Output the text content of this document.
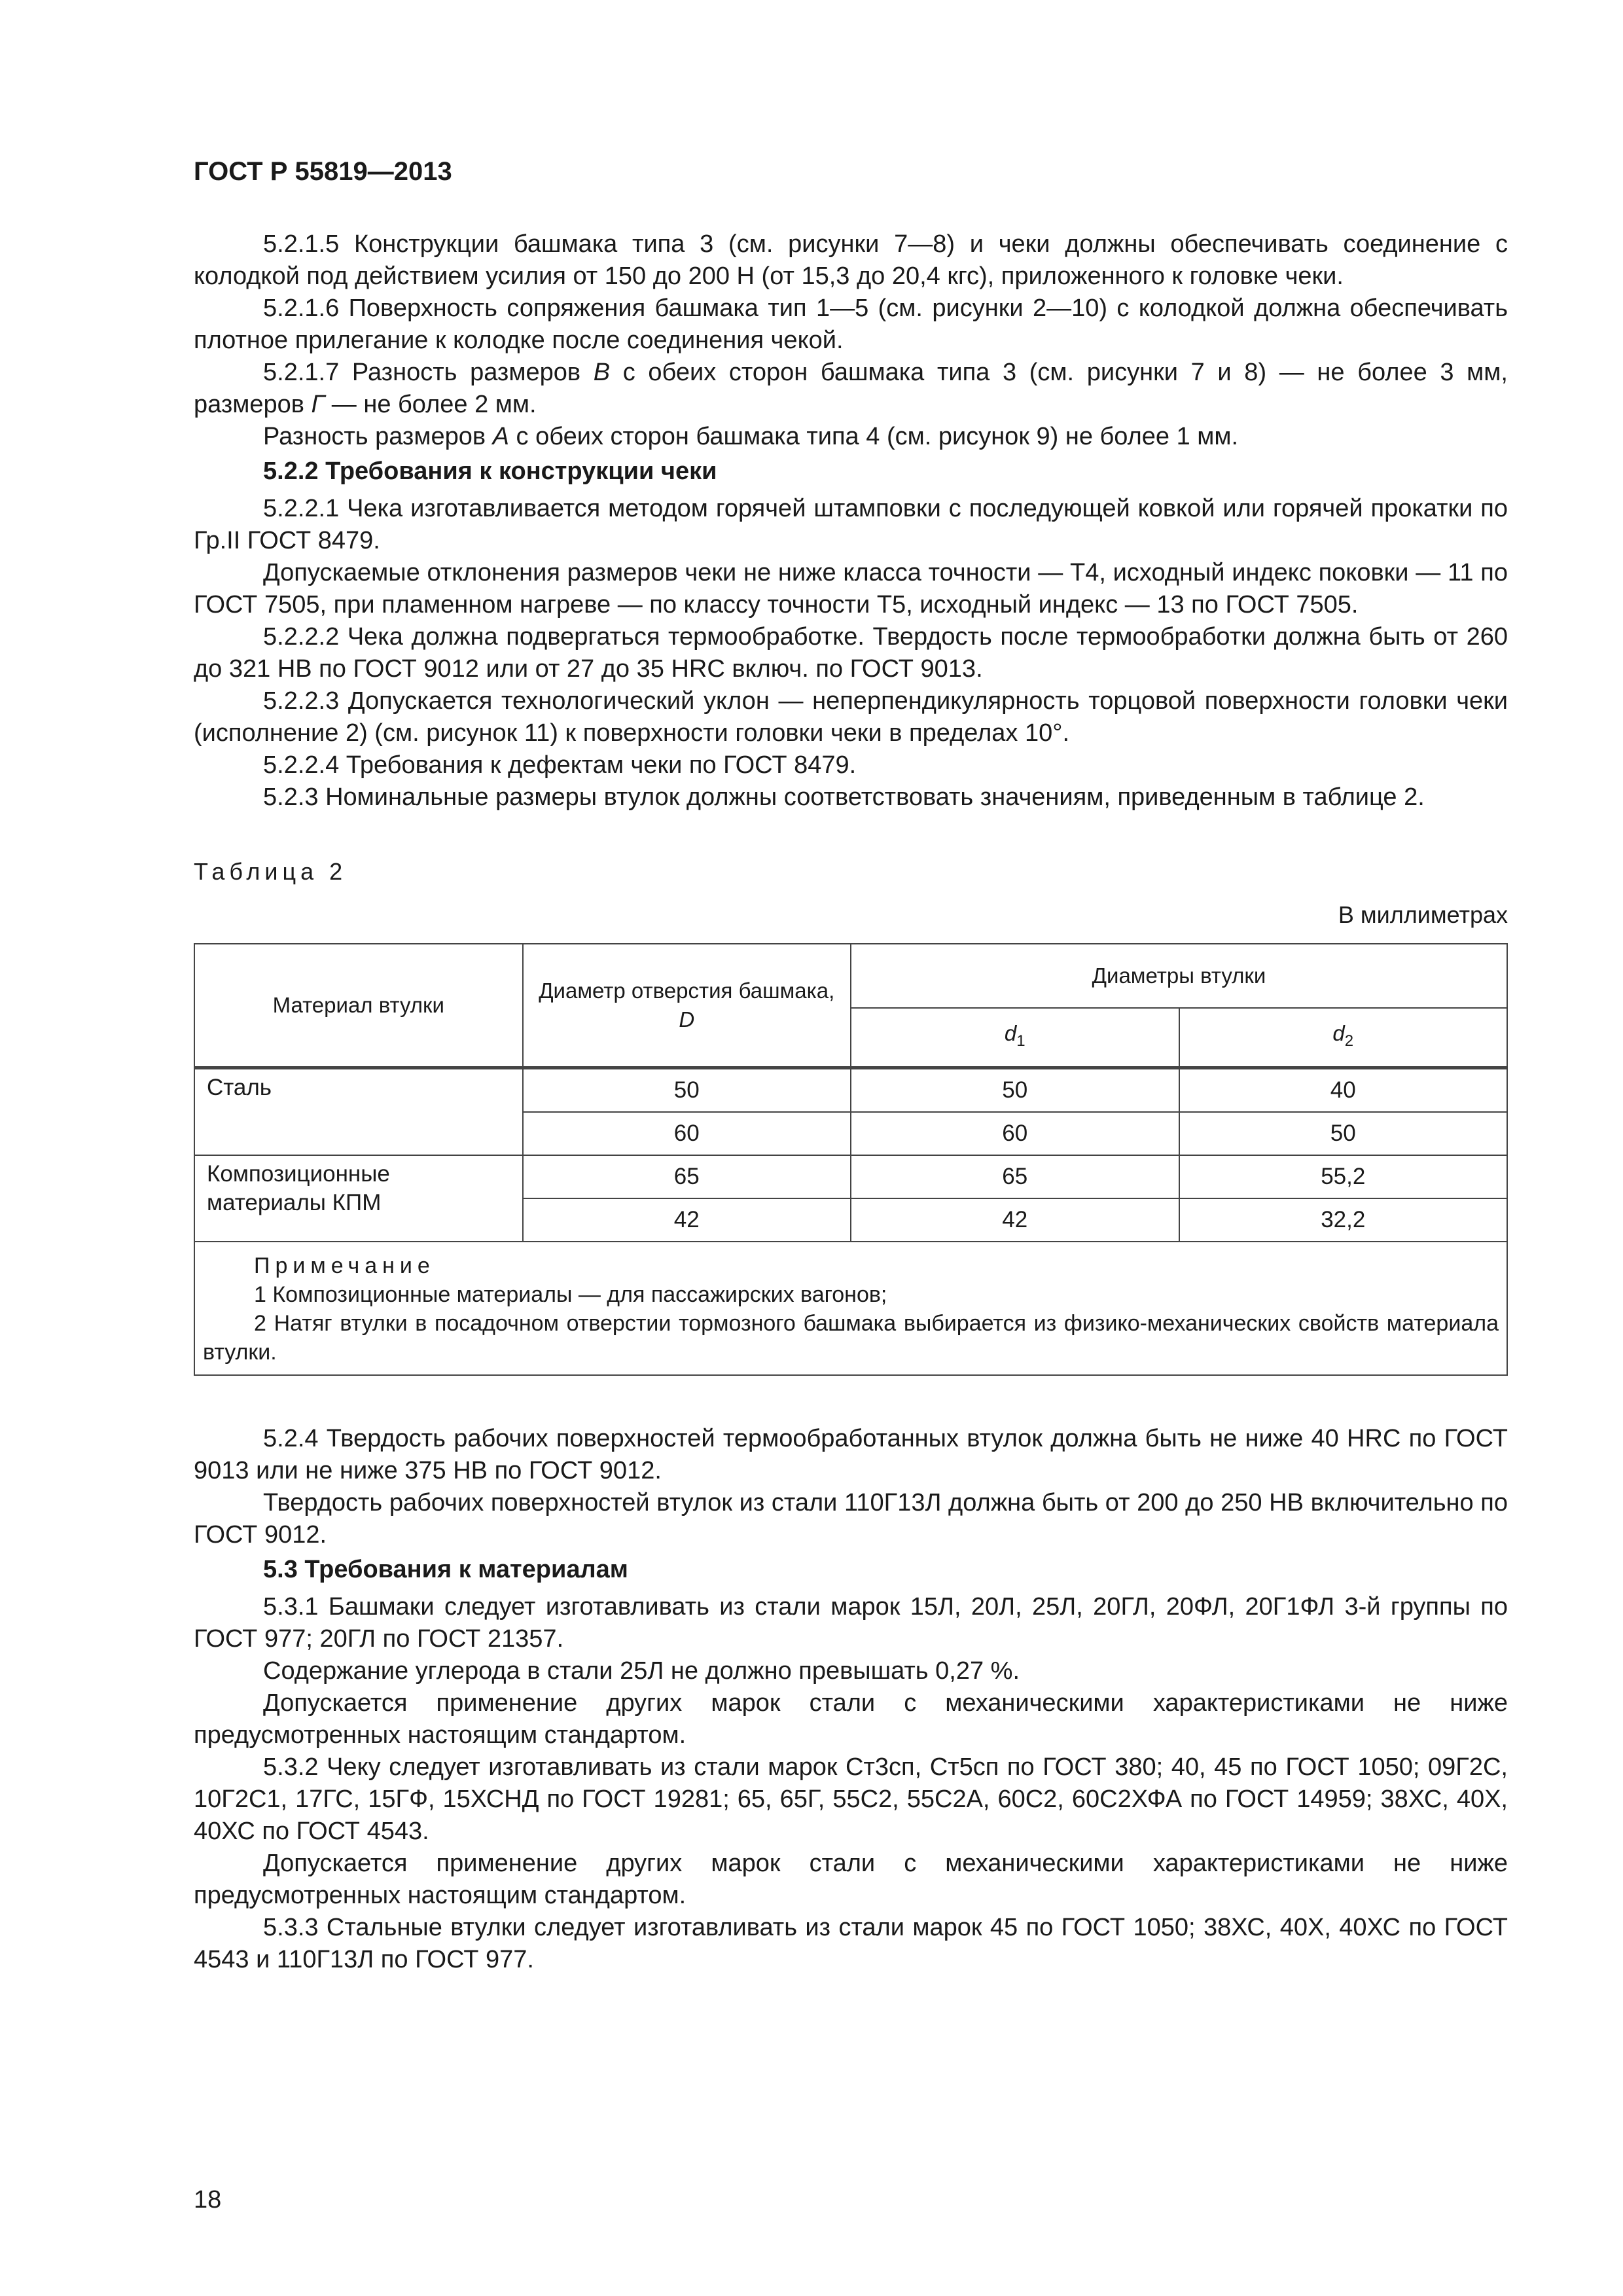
ГОСТ Р 55819—2013

5.2.1.5 Конструкции башмака типа 3 (см. рисунки 7—8) и чеки должны обеспечивать соединение с колодкой под действием усилия от 150 до 200 Н (от 15,3 до 20,4 кгс), приложенного к головке чеки.

5.2.1.6 Поверхность сопряжения башмака тип 1—5 (см. рисунки 2—10) с колодкой должна обеспечивать плотное прилегание к колодке после соединения чекой.

5.2.1.7 Разность размеров В с обеих сторон башмака типа 3 (см. рисунки 7 и 8) — не более 3 мм, размеров Г — не более 2 мм.

Разность размеров А с обеих сторон башмака типа 4 (см. рисунок 9) не более 1 мм.

5.2.2 Требования к конструкции чеки

5.2.2.1 Чека изготавливается методом горячей штамповки с последующей ковкой или горячей прокатки по Гр.II ГОСТ 8479.

Допускаемые отклонения размеров чеки не ниже класса точности — Т4, исходный индекс поковки — 11 по ГОСТ 7505, при пламенном нагреве — по классу точности Т5, исходный индекс — 13 по ГОСТ 7505.

5.2.2.2 Чека должна подвергаться термообработке. Твердость после термообработки должна быть от 260 до 321 НВ по ГОСТ 9012 или от 27 до 35 HRC включ. по ГОСТ 9013.

5.2.2.3 Допускается технологический уклон — неперпендикулярность торцовой поверхности головки чеки (исполнение 2) (см. рисунок 11) к поверхности головки чеки в пределах 10°.

5.2.2.4 Требования к дефектам чеки по ГОСТ 8479.

5.2.3 Номинальные размеры втулок должны соответствовать значениям, приведенным в таблице 2.

Таблица 2
В миллиметрах
Материал втулки	Диаметр отверстия башмака, D	Диаметры втулки	
		$d_1$	$d_2$
Сталь	50	50	40
	60	60	50
Композиционные материалы КПМ	65	65	55,2
	42	42	32,2

Примечание
1 Композиционные материалы — для пассажирских вагонов;
2 Натяг втулки в посадочном отверстии тормозного башмака выбирается из физико-механических свойств материала втулки.			

5.2.4 Твердость рабочих поверхностей термообработанных втулок должна быть не ниже 40 HRC по ГОСТ 9013 или не ниже 375 НВ по ГОСТ 9012.

Твердость рабочих поверхностей втулок из стали 110Г13Л должна быть от 200 до 250 НВ включительно по ГОСТ 9012.

5.3 Требования к материалам

5.3.1 Башмаки следует изготавливать из стали марок 15Л, 20Л, 25Л, 20ГЛ, 20ФЛ, 20Г1ФЛ 3-й группы по ГОСТ 977; 20ГЛ по ГОСТ 21357.

Содержание углерода в стали 25Л не должно превышать 0,27 %.

Допускается применение других марок стали с механическими характеристиками не ниже предусмотренных настоящим стандартом.

5.3.2 Чеку следует изготавливать из стали марок Ст3сп, Ст5сп по ГОСТ 380; 40, 45 по ГОСТ 1050; 09Г2С, 10Г2С1, 17ГС, 15ГФ, 15ХСНД по ГОСТ 19281; 65, 65Г, 55С2, 55С2А, 60С2, 60С2ХФА по ГОСТ 14959; 38ХС, 40Х, 40ХС по ГОСТ 4543.

Допускается применение других марок стали с механическими характеристиками не ниже предусмотренных настоящим стандартом.

5.3.3 Стальные втулки следует изготавливать из стали марок 45 по ГОСТ 1050; 38ХС, 40Х, 40ХС по ГОСТ 4543 и 110Г13Л по ГОСТ 977.

18
